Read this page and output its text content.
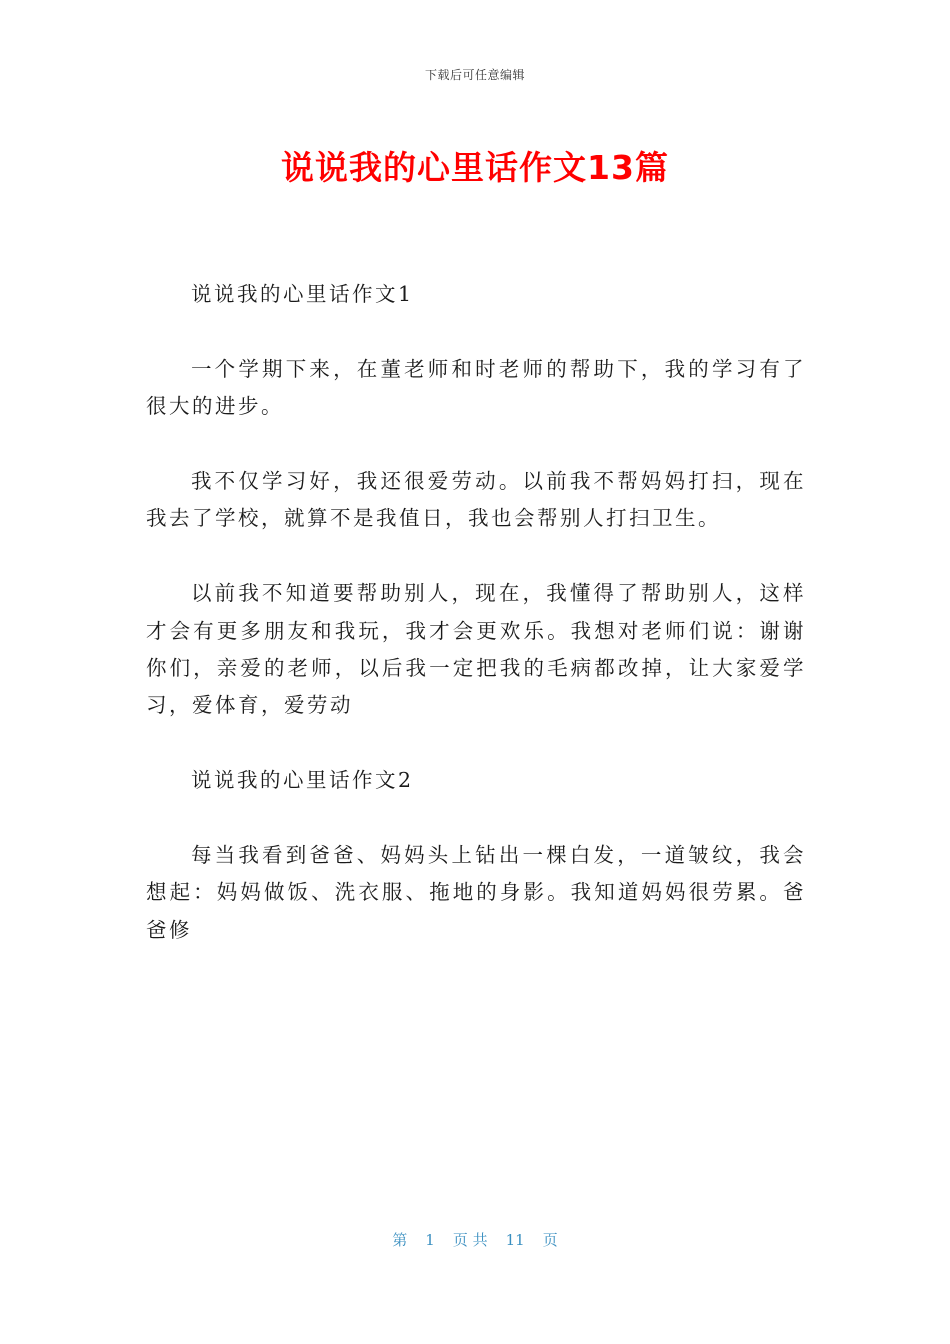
下载后可任意编辑
说说我的心里话作文13篇

说说我的心里话作文1

一个学期下来，在董老师和时老师的帮助下，我的学习有了很大的进步。

我不仅学习好，我还很爱劳动。以前我不帮妈妈打扫，现在我去了学校，就算不是我值日，我也会帮别人打扫卫生。

以前我不知道要帮助别人，现在，我懂得了帮助别人，这样才会有更多朋友和我玩，我才会更欢乐。我想对老师们说：谢谢你们，亲爱的老师，以后我一定把我的毛病都改掉，让大家爱学习，爱体育，爱劳动

说说我的心里话作文2

每当我看到爸爸、妈妈头上钻出一棵白发，一道皱纹，我会想起：妈妈做饭、洗衣服、拖地的身影。我知道妈妈很劳累。爸爸修

第 1 页 共 11 页
